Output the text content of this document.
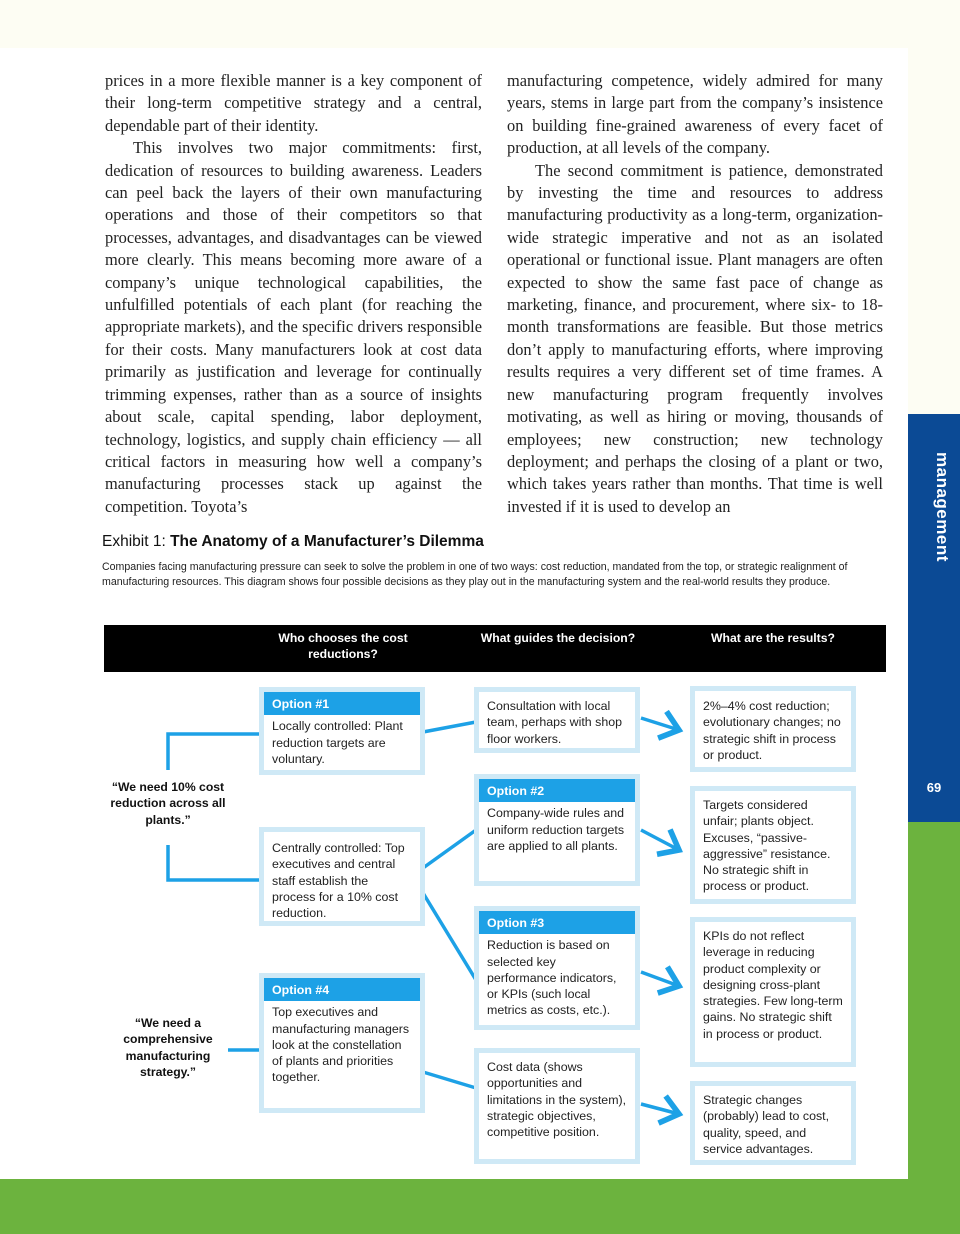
management
69

prices in a more flexible manner is a key component of their long-term competitive strategy and a central, dependable part of their identity.

This involves two major commitments: first, dedication of resources to building awareness. Leaders can peel back the layers of their own manufacturing operations and those of their competitors so that processes, advantages, and disadvantages can be viewed more clearly. This means becoming more aware of a company’s unique technological capabilities, the unfulfilled potentials of each plant (for reaching the appropriate markets), and the specific drivers responsible for their costs. Many manufacturers look at cost data primarily as justification and leverage for continually trimming expenses, rather than as a source of insights about scale, capital spending, labor deployment, technology, logistics, and supply chain efficiency — all critical factors in measuring how well a company’s manufacturing processes stack up against the competition. Toyota’s

manufacturing competence, widely admired for many years, stems in large part from the company’s insistence on building fine-grained awareness of every facet of production, at all levels of the company.

The second commitment is patience, demonstrated by investing the time and resources to address manufacturing productivity as a long-term, organization-wide strategic imperative and not as an isolated operational or functional issue. Plant managers are often expected to show the same fast pace of change as marketing, finance, and procurement, where six- to 18-month transformations are feasible. But those metrics don’t apply to manufacturing efforts, where improving results requires a very different set of time frames. A new manufacturing program frequently involves motivating, as well as hiring or moving, thousands of employees; new construction; new technology deployment; and perhaps the closing of a plant or two, which takes years rather than months. That time is well invested if it is used to develop an

Exhibit 1: The Anatomy of a Manufacturer’s Dilemma
Companies facing manufacturing pressure can seek to solve the problem in one of two ways: cost reduction, mandated from the top, or strategic realignment of manufacturing resources. This diagram shows four possible decisions as they play out in the manufacturing system and the real-world results they produce.
Who chooses the cost reductions?
What guides the decision?	What are the results?
“We need 10% cost reduction across all plants.”
“We need a comprehensive manufacturing strategy.”
Option #1
Locally controlled: Plant reduction targets are voluntary.
Centrally controlled: Top executives and central staff establish the process for a 10% cost reduction.
Option #4
Top executives and manufacturing managers look at the constellation of plants and priorities together.
Consultation with local team, perhaps with shop floor workers.
Option #2
Company-wide rules and uniform reduction targets are applied to all plants.
Option #3
Reduction is based on selected key performance indicators, or KPIs (such local metrics as costs, etc.).
Cost data (shows opportunities and limitations in the system), strategic objectives, competitive position.
2%–4% cost reduction; evolutionary changes; no strategic shift in process or product.
Targets considered unfair; plants object. Excuses, “passive-aggressive” resistance. No strategic shift in process or product.
KPIs do not reflect leverage in reducing product complexity or designing cross-plant strategies. Few long-term gains. No strategic shift in process or product.
Strategic changes (probably) lead to cost, quality, speed, and service advantages.
